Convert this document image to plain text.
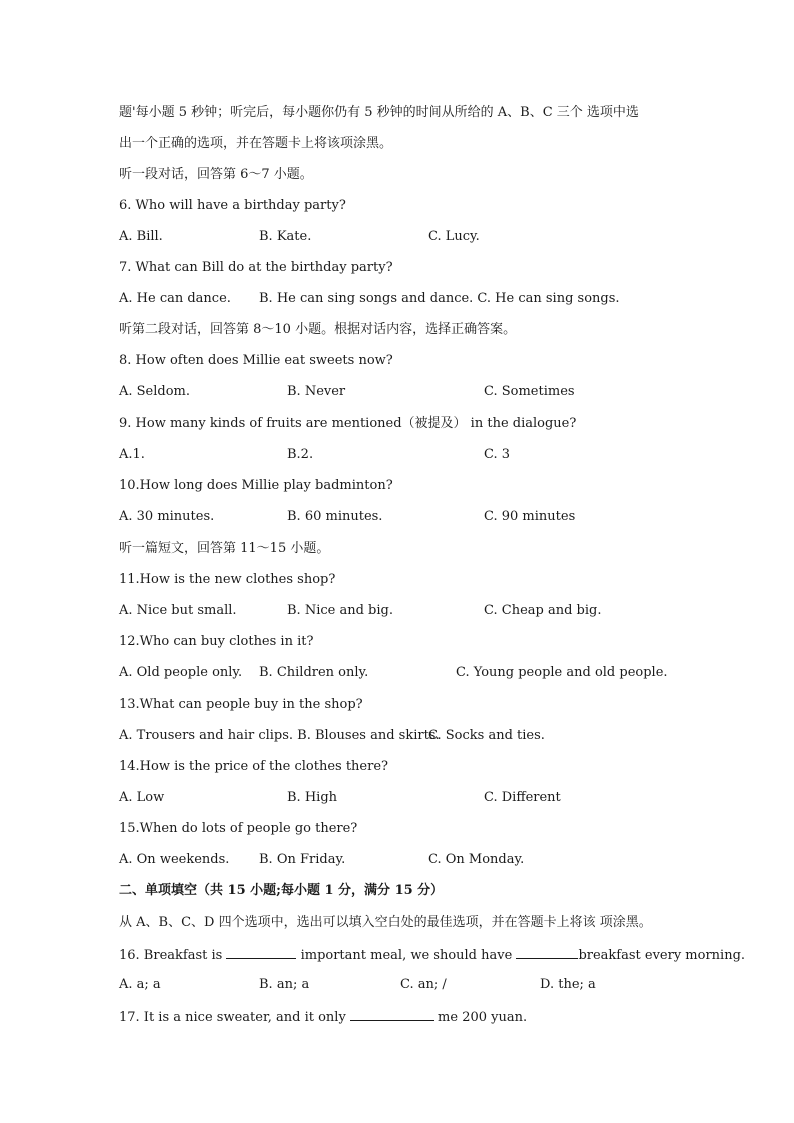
题'每小题 5 秒钟；听完后，每小题你仍有 5 秒钟的时间从所给的 A、B、C 三个 选项中选
出一个正确的选项，并在答题卡上将该项涂黑。
听一段对话，回答第 6～7 小题。
6. Who will have a birthday party?
A. Bill.	B. Kate.	C. Lucy.
7. What can Bill do at the birthday party?
A. He can dance. B. He can sing songs and dance. C. He can sing songs.
听第二段对话，回答第 8～10 小题。根据对话内容，选择正确答案。
8. How often does Millie eat sweets now?
A. Seldom.	B. Never	C. Sometimes
9. How many kinds of fruits are mentioned（被提及） in the dialogue?
A.1.	B.2.	C. 3
10.How long does Millie play badminton?
A. 30 minutes.	B. 60 minutes.	C. 90 minutes
听一篇短文，回答第 11～15 小题。
11.How is the new clothes shop?
A. Nice but small.	B. Nice and big.	C. Cheap and big.
12.Who can buy clothes in it?
A. Old people only. B. Children only.	C. Young people and old people.
13.What can people buy in the shop?
A. Trousers and hair clips. B. Blouses and skirts.
C. Socks and ties.
14.How is the price of the clothes there?
A. Low	B. High	C. Different
15.When do lots of people go there?
A. On weekends. B. On Friday.	C. On Monday.
二、单项填空（共 15 小题;每小题 1 分，满分 15 分）
从 A、B、C、D 四个选项中，选出可以填入空白处的最佳选项，并在答题卡上将该 项涂黑。
16. Breakfast is	important meal, we should have	breakfast every morning.
A. a; a	B. an; a	C. an; /	D. the; a
17. It is a nice sweater, and it only	me 200 yuan.
